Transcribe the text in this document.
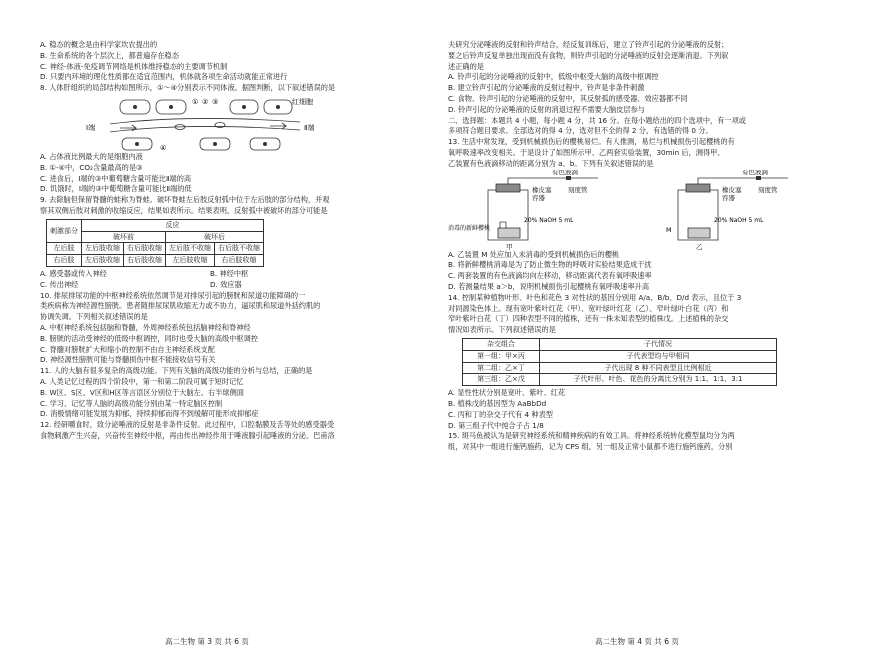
A. 稳态的概念是由科学家坎农提出的
B. 生命系统的各个层次上，都普遍存在稳态
C. 神经-体液-免疫调节网络是机体维持稳态的主要调节机制
D. 只要内环境的理化性质都在适宜范围内，机体就各项生命活动就能正常进行
8. 人体肝组织的局部结构如图所示，①～④分别表示不同体液。据图判断，以下叙述错误的是
Ⅰ端	Ⅱ端
红细胞
① ② ③
④
A. 占体液比例最大的是细胞内液
B. ①-④中，CO₂含量最高的是③
C. 进食后，Ⅰ端的③中葡萄糖含量可能比Ⅱ端的高
D. 饥饿时，Ⅰ端的③中葡萄糖含量可能比Ⅱ端的低
9. 去除脑但保留脊髓的蛙称为脊蛙。破坏脊蛙左后肢反射弧中位于左后肢的部分结构，并观
察其双侧后肢对刺激的收缩反应，结果如表所示。结果表明，反射弧中被破坏的部分可能是
刺激部分	反应			
	破坏前		破坏后	
左后肢	左后肢收缩	右后肢收缩	左后肢不收缩	右后肢不收缩
右后肢	左后肢收缩	右后肢收缩	左后肢收缩	右后肢收缩
A. 感受器或传入神经	B. 神经中枢
C. 传出神经	D. 效应器
10. 排尿排尿功能的中枢神经系统依然调节是对排尿引起的膀胱和尿道功能障碍的一
类疾病称为神经源性膀胱。患者随排尿尿肌收缩无力或不协力，逼尿肌和尿道外括约肌的
协调失调。下列相关叙述错误的是
A. 中枢神经系统包括脑和脊髓，外周神经系统包括脑神经和脊神经
B. 膀胱的活动受神经的低级中枢调控，同时也受大脑的高级中枢调控
C. 脊髓对膀胱扩大和缩小的控制不由自主神经系统支配
D. 神经源性膀胱可能与脊髓损伤中枢不能接收信号有关
11. 人的大脑有很多复杂的高级功能。下列有关脑的高级功能的分析与总结，正确的是
A. 人类记忆过程的四个阶段中，第一和第二阶段可属于短时记忆
B. W区、S区、V区和H区等言语区分别位于大脑左、右半球侧面
C. 学习、记忆等人脑的高级功能分别由某一特定脑区控制
D. 消极情绪可能发展为抑郁，持续抑郁而得不到缓解可能形成抑郁症
12. 经研嚼食时，致分泌唾液的反射是非条件反射。此过程中，口腔黏膜及舌等处的感受器受
食物刺激产生兴奋，兴奋传至神经中枢，再由传出神经作用于唾液腺引起唾液的分泌。巴甫洛
夫研究分泌唾液的反射和铃声结合，经反复训练后，建立了铃声引起的分泌唾液的反射；
要之后铃声反复单独出现而没有食物，则铃声引起的分泌唾液的反射会逐渐消退。下列叙
述正确的是
A. 铃声引起的分泌唾液的反射中，低级中枢受大脑的高级中枢调控
B. 建立铃声引起的分泌唾液的反射过程中，铃声是非条件刺激
C. 食物、铃声引起的分泌唾液的反射中，其反射弧的感受器、效应器都不同
D. 铃声引起的分泌唾液的反射的消退过程不需要大脑皮层参与
二、选择题：本题共 4 小题，每小题 4 分，共 16 分。在每小题给出的四个选项中，有一项或
多项符合题目要求。全部选对的得 4 分，选对但不全的得 2 分，有选错的得 0 分。
13. 生活中常发现，受到机械损伤后的樱桃易烂。有人推测，易烂与机械损伤引起樱桃的有
氧呼吸速率改变相关。于是设计了如图所示甲、乙两套实验装置，30min 后，测得甲、
乙装置有色液滴移动的距离分别为 a、b。下列有关叙述错误的是
有色液滴
橡皮塞
容器
刻度管
20% NaOH 5 mL
消毒的新鲜樱桃
甲
有色液滴
橡皮塞
容器
刻度管
20% NaOH 5 mL
M
乙
A. 乙装置 M 处应加入未消毒的受到机械损伤后的樱桃
B. 将新鲜樱桃消毒是为了防止微生物的呼吸对实验结果造成干扰
C. 两套装置的有色液滴均向左移动，移动距离代表有氧呼吸速率
D. 若测量结果 a＞b，说明机械损伤引起樱桃有氧呼吸速率升高
14. 控制某种植物叶形、叶色和花色 3 对性状的基因分别用 A/a、B/b、D/d 表示，且位于 3
对同源染色体上。现有宽叶紫叶红花（甲）、宽叶绿叶红花（乙）、窄叶绿叶白花（丙）和
窄叶紫叶白花（丁）四种表型不同的植株，还有一株未知表型的植株戊。上述植株的杂交
情况如表所示。下列叙述错误的是
杂交组合	子代情况
第一组：甲×丙	子代表型均与甲相同
第二组：乙×丁	子代出现 8 种不同表型且比例相近
第三组：乙×戊	子代叶形、叶色、花色的分离比分别为 1:1、1:1、3:1
A. 显性性状分别是宽叶、紫叶、红花
B. 植株戊的基因型为 AaBbDd
C. 丙和丁的杂交子代有 4 种表型
D. 第三组子代中纯合子占 1/8
15. 斑马鱼被认为是研究神经系统和精神疾病的有效工具。将神经系统转化模型鼠均分为两
组，对其中一组进行施钙施药，记为 CPS 组，另一组及正常小鼠都不进行施钙施药，分别
高二生物 第 3 页 共 6 页	高二生物 第 4 页 共 6 页
